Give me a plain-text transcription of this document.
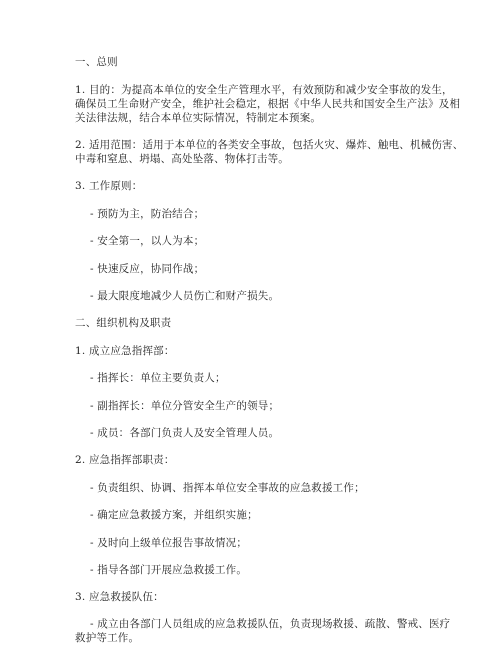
一、总则
1. 目的：为提高本单位的安全生产管理水平，有效预防和减少安全事故的发生，
确保员工生命财产安全，维护社会稳定，根据《中华人民共和国安全生产法》及相
关法律法规，结合本单位实际情况，特制定本预案。
2. 适用范围：适用于本单位的各类安全事故，包括火灾、爆炸、触电、机械伤害、
中毒和窒息、坍塌、高处坠落、物体打击等。
3. 工作原则：
- 预防为主，防治结合；
- 安全第一，以人为本；
- 快速反应，协同作战；
- 最大限度地减少人员伤亡和财产损失。
二、组织机构及职责
1. 成立应急指挥部：
- 指挥长：单位主要负责人；
- 副指挥长：单位分管安全生产的领导；
- 成员：各部门负责人及安全管理人员。
2. 应急指挥部职责：
- 负责组织、协调、指挥本单位安全事故的应急救援工作；
- 确定应急救援方案，并组织实施；
- 及时向上级单位报告事故情况；
- 指导各部门开展应急救援工作。
3. 应急救援队伍：
- 成立由各部门人员组成的应急救援队伍，负责现场救援、疏散、警戒、医疗
救护等工作。
